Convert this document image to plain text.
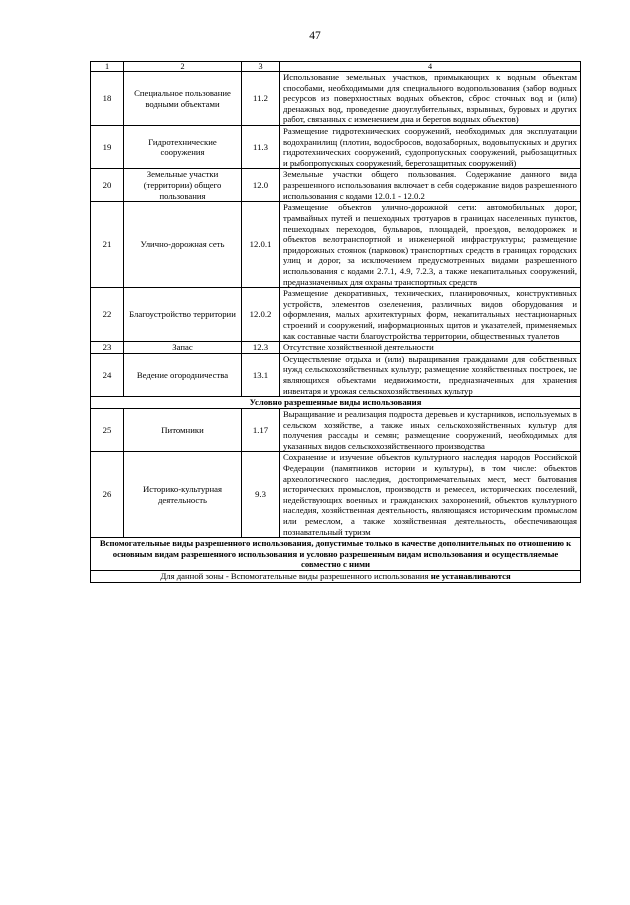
47
1	2	3	4
18	Специальное пользование водными объектами	11.2	Использование земельных участков, примыкающих к водным объектам способами, необходимыми для специального водопользования (забор водных ресурсов из поверхностных водных объектов, сброс сточных вод и (или) дренажных вод, проведение дноуглубительных, взрывных, буровых и других работ, связанных с изменением дна и берегов водных объектов)
19	Гидротехнические сооружения	11.3	Размещение гидротехнических сооружений, необходимых для эксплуатации водохранилищ (плотин, водосбросов, водозаборных, водовыпускных и других гидротехнических сооружений, судопропускных сооружений, рыбозащитных и рыбопропускных сооружений, берегозащитных сооружений)
20	Земельные участки (территории) общего пользования	12.0	Земельные участки общего пользования. Содержание данного вида разрешенного использования включает в себя содержание видов разрешенного использования с кодами 12.0.1 - 12.0.2
21	Улично-дорожная сеть	12.0.1	Размещение объектов улично-дорожной сети: автомобильных дорог, трамвайных путей и пешеходных тротуаров в границах населенных пунктов, пешеходных переходов, бульваров, площадей, проездов, велодорожек и объектов велотранспортной и инженерной инфраструктуры; размещение придорожных стоянок (парковок) транспортных средств в границах городских улиц и дорог, за исключением предусмотренных видами разрешенного использования с кодами 2.7.1, 4.9, 7.2.3, а также некапитальных сооружений, предназначенных для охраны транспортных средств
22	Благоустройство территории	12.0.2	Размещение декоративных, технических, планировочных, конструктивных устройств, элементов озеленения, различных видов оборудования и оформления, малых архитектурных форм, некапитальных нестационарных строений и сооружений, информационных щитов и указателей, применяемых как составные части благоустройства территории, общественных туалетов
23	Запас	12.3	Отсутствие хозяйственной деятельности
24	Ведение огородничества	13.1	Осуществление отдыха и (или) выращивания гражданами для собственных нужд сельскохозяйственных культур; размещение хозяйственных построек, не являющихся объектами недвижимости, предназначенных для хранения инвентаря и урожая сельскохозяйственных культур
Условно разрешенные виды использования			
25	Питомники	1.17	Выращивание и реализация подроста деревьев и кустарников, используемых в сельском хозяйстве, а также иных сельскохозяйственных культур для получения рассады и семян; размещение сооружений, необходимых для указанных видов сельскохозяйственного производства
26	Историко-культурная деятельность	9.3	Сохранение и изучение объектов культурного наследия народов Российской Федерации (памятников истории и культуры), в том числе: объектов археологического наследия, достопримечательных мест, мест бытования исторических промыслов, производств и ремесел, исторических поселений, недействующих военных и гражданских захоронений, объектов культурного наследия, хозяйственная деятельность, являющаяся историческим промыслом или ремеслом, а также хозяйственная деятельность, обеспечивающая познавательный туризм
Вспомогательные виды разрешенного использования, допустимые только в качестве дополнительных по отношению к основным видам разрешенного использования и условно разрешенным видам использования и осуществляемые совместно с ними			
Для данной зоны - Вспомогательные виды разрешенного использования не устанавливаются			
